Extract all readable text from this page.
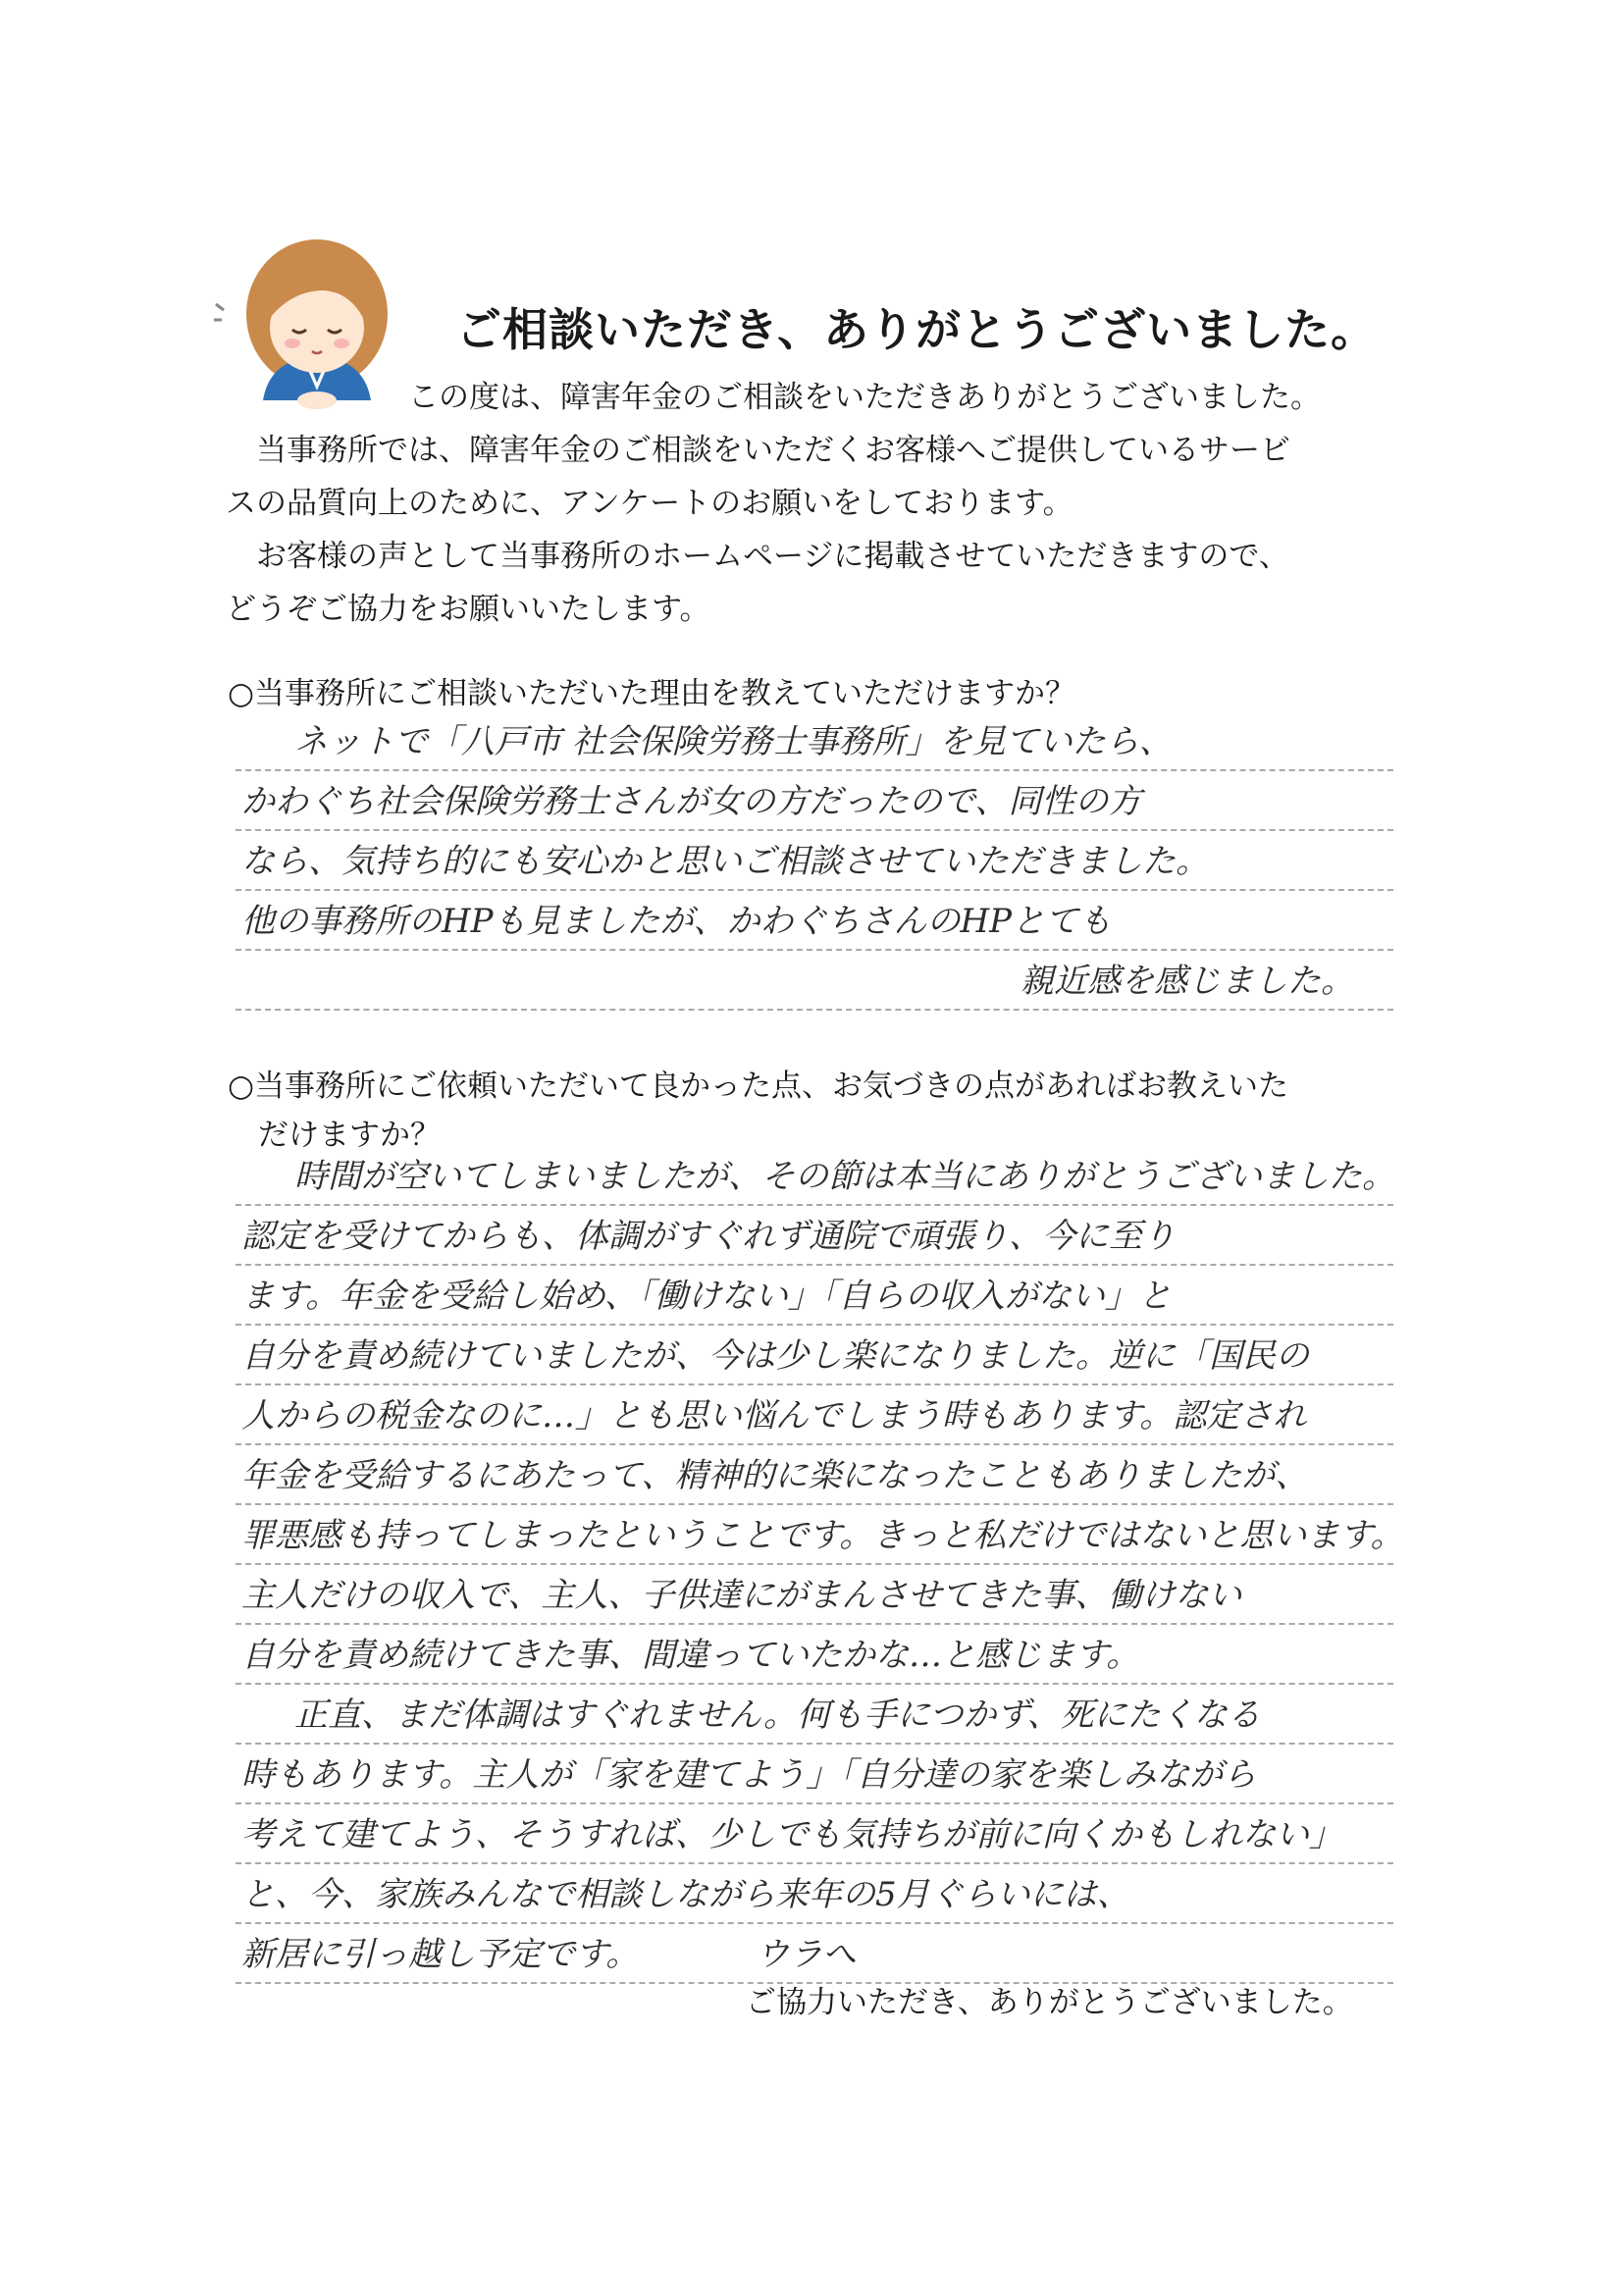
ご相談いただき、ありがとうございました。

　　　　　　この度は、障害年金のご相談をいただきありがとうございました。

　当事務所では、障害年金のご相談をいただくお客様へご提供しているサービ

スの品質向上のために、アンケートのお願いをしております。

　お客様の声として当事務所のホームページに掲載させていただきますので、

どうぞご協力をお願いいたします。

○当事務所にご相談いただいた理由を教えていただけますか？
ネットで「八戸市 社会保険労務士事務所」を見ていたら、
かわぐち社会保険労務士さんが女の方だったので、同性の方
なら、気持ち的にも安心かと思いご相談させていただきました。
他の事務所のHPも見ましたが、かわぐちさんのHPとても
親近感を感じました。
○当事務所にご依頼いただいて良かった点、お気づきの点があればお教えいた
　だけますか？
時間が空いてしまいましたが、その節は本当にありがとうございました。
認定を受けてからも、体調がすぐれず通院で頑張り、今に至り
ます。年金を受給し始め、「働けない」「自らの収入がない」と
自分を責め続けていましたが、今は少し楽になりました。逆に「国民の
人からの税金なのに…」とも思い悩んでしまう時もあります。認定され
年金を受給するにあたって、精神的に楽になったこともありましたが、
罪悪感も持ってしまったということです。きっと私だけではないと思います。
主人だけの収入で、主人、子供達にがまんさせてきた事、働けない
自分を責め続けてきた事、間違っていたかな…と感じます。
正直、まだ体調はすぐれません。何も手につかず、死にたくなる
時もあります。主人が「家を建てよう」「自分達の家を楽しみながら
考えて建てよう、そうすれば、少しでも気持ちが前に向くかもしれない」
と、今、家族みんなで相談しながら来年の5月ぐらいには、
新居に引っ越し予定です。　　　　ウラへ
ご協力いただき、ありがとうございました。
